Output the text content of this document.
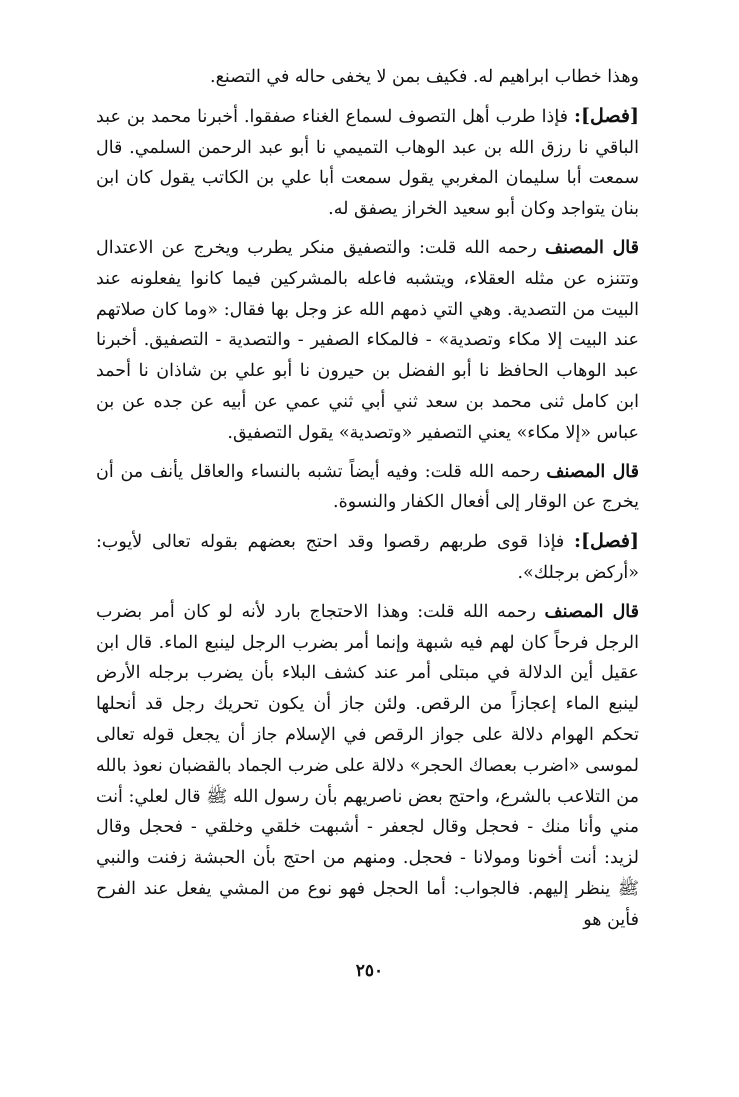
وهذا خطاب ابراهيم له. فكيف بمن لا يخفى حاله في التصنع.

[فصل]: فإذا طرب أهل التصوف لسماع الغناء صفقوا. أخبرنا محمد بن عبد الباقي نا رزق الله بن عبد الوهاب التميمي نا أبو عبد الرحمن السلمي. قال سمعت أبا سليمان المغربي يقول سمعت أبا علي بن الكاتب يقول كان ابن بنان يتواجد وكان أبو سعيد الخراز يصفق له.

قال المصنف رحمه الله قلت: والتصفيق منكر يطرب ويخرج عن الاعتدال وتتنزه عن مثله العقلاء، ويتشبه فاعله بالمشركين فيما كانوا يفعلونه عند البيت من التصدية. وهي التي ذمهم الله عز وجل بها فقال: «وما كان صلاتهم عند البيت إلا مكاء وتصدية» - فالمكاء الصفير - والتصدية - التصفيق. أخبرنا عبد الوهاب الحافظ نا أبو الفضل بن حيرون نا أبو علي بن شاذان نا أحمد ابن كامل ثنى محمد بن سعد ثني أبي ثني عمي عن أبيه عن جده عن بن عباس «إلا مكاء» يعني التصفير «وتصدية» يقول التصفيق.

قال المصنف رحمه الله قلت: وفيه أيضاً تشبه بالنساء والعاقل يأنف من أن يخرج عن الوقار إلى أفعال الكفار والنسوة.

[فصل]: فإذا قوى طربهم رقصوا وقد احتج بعضهم بقوله تعالى لأيوب: «أركض برجلك».

قال المصنف رحمه الله قلت: وهذا الاحتجاج بارد لأنه لو كان أمر بضرب الرجل فرحاً كان لهم فيه شبهة وإنما أمر بضرب الرجل لينبع الماء. قال ابن عقيل أين الدلالة في مبتلى أمر عند كشف البلاء بأن يضرب برجله الأرض لينبع الماء إعجازاً من الرقص. ولئن جاز أن يكون تحريك رجل قد أنحلها تحكم الهوام دلالة على جواز الرقص في الإسلام جاز أن يجعل قوله تعالى لموسى «اضرب بعصاك الحجر» دلالة على ضرب الجماد بالقضبان نعوذ بالله من التلاعب بالشرع، واحتج بعض ناصريهم بأن رسول الله ﷺ قال لعلي: أنت مني وأنا منك - فحجل وقال لجعفر - أشبهت خلقي وخلقي - فحجل وقال لزيد: أنت أخونا ومولانا - فحجل. ومنهم من احتج بأن الحبشة زفنت والنبي ﷺ ينظر إليهم. فالجواب: أما الحجل فهو نوع من المشي يفعل عند الفرح فأين هو

٢٥٠
